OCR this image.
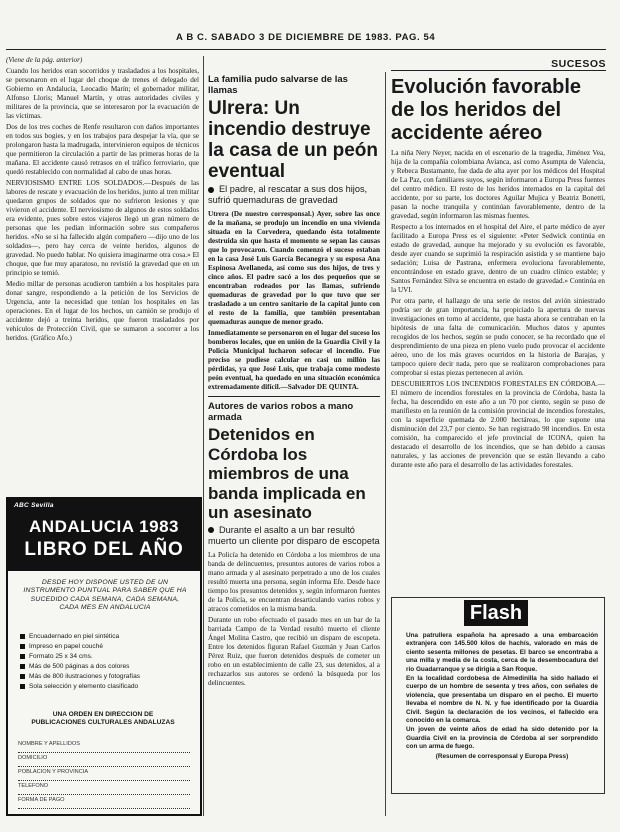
A B C. SABADO 3 DE DICIEMBRE DE 1983. PAG. 54
SUCESOS

(Viene de la pág. anterior)

Cuando los heridos eran socorridos y trasladados a los hospitales, se personaron en el lugar del choque de trenes el delegado del Gobierno en Andalucía, Leocadio Marín; el gobernador militar, Alfonso Lloris; Manuel Martín, y otras autoridades civiles y militares de la provincia, que se interesaron por la evacuación de las víctimas.

Dos de los tres coches de Renfe resultaron con daños importantes en todos sus bogies, y en los trabajos para despejar la vía, que se prolongaron hasta la madrugada, intervinieron equipos de técnicos que permitieron la circulación a partir de las primeras horas de la mañana. El accidente causó retrasos en el tráfico ferroviario, que quedó restablecido con normalidad al cabo de unas horas.

NERVIOSISMO ENTRE LOS SOLDADOS.—Después de las labores de rescate y evacuación de los heridos, junto al tren militar quedaron grupos de soldados que no sufrieron lesiones y que vivieron el accidente. El nerviosismo de algunos de estos soldados era evidente, pues sobre estos viajeros llegó un gran número de personas que les pedían información sobre sus compañeros heridos. «No se si ha fallecido algún compañero —dijo uno de los soldados—, pero hay cerca de veinte heridos, algunos de gravedad. No puedo hablar. No quisiera imaginarme otra cosa.» El choque, que fue muy aparatoso, no revistió la gravedad que en un principio se temió.

Medio millar de personas acudieron también a los hospitales para donar sangre, respondiendo a la petición de los Servicios de Urgencia, ante la necesidad que tenían los hospitales en las operaciones. En el lugar de los hechos, un camión se produjo el accidente dejó a treinta heridos, que fueron trasladados por vehículos de Protección Civil, que se sumaron a socorrer a los heridos. (Gráfico Afo.)

ABC Sevilla
ANDALUCIA 1983
LIBRO DEL AÑO
DESDE HOY DISPONE USTED DE UN INSTRUMENTO PUNTUAL PARA SABER QUE HA SUCEDIDO CADA SEMANA, CADA SEMANA, CADA MES EN ANDALUCIA
Encuadernado en piel sintética
Impreso en papel couché
Formato 25 x 34 cms.
Más de 500 páginas a dos colores
Más de 800 ilustraciones y fotografías
Sola selección y elemento clasificado
UNA ORDEN EN DIRECCION DE PUBLICACIONES CULTURALES ANDALUZAS
NOMBRE Y APELLIDOS
DOMICILIO
POBLACION Y PROVINCIA
TELEFONO
FORMA DE PAGO

La familia pudo salvarse de las llamas

Ulrera: Un incendio destruye la casa de un peón eventual

El padre, al rescatar a sus dos hijos, sufrió quemaduras de gravedad

Utrera (De nuestro corresponsal.) Ayer, sobre las once de la mañana, se produjo un incendio en una vivienda situada en la Corvedera, quedando ésta totalmente destruida sin que hasta el momento se sepan las causas que lo provocaron. Cuando comenzó el suceso estaban en la casa José Luis García Becanegra y su esposa Ana Espinosa Avellaneda, así como sus dos hijos, de tres y cinco años. El padre sacó a los dos pequeños que se encontraban rodeados por las llamas, sufriendo quemaduras de gravedad por lo que tuvo que ser trasladado a un centro sanitario de la capital junto con el resto de la familia, que también presentaban quemaduras aunque de menor grado.

Inmediatamente se personaron en el lugar del suceso los bomberos locales, que en unión de la Guardia Civil y la Policía Municipal lucharon sofocar el incendio. Fue preciso se pudiese calcular en casi un millón las pérdidas, ya que José Luis, que trabaja como modesto peón eventual, ha quedado en una situación económica extremadamente difícil.—Salvador DE QUINTA.

Autores de varios robos a mano armada

Detenidos en Córdoba los miembros de una banda implicada en un asesinato

Durante el asalto a un bar resultó muerto un cliente por disparo de escopeta

La Policía ha detenido en Córdoba a los miembros de una banda de delincuentes, presuntos autores de varios robos a mano armada y al asesinato perpetrado a uno de los cuales resultó muerta una persona, según informa Efe. Desde hace tiempo los presuntos detenidos y, según informaron fuentes de la Policía, se encuentran desarticulando varios robos y atracos cometidos en la misma banda.

Durante un robo efectuado el pasado mes en un bar de la barriada Campo de la Verdad resultó muerto el cliente Ángel Molina Castro, que recibió un disparo de escopeta. Entre los detenidos figuran Rafael Guzmán y Juan Carlos Pérez Ruiz, que fueron detenidos después de cometer un robo en un establecimiento de calle 23, sus detenidos, al a rechazarlos sus autores se ordenó la búsqueda por los delincuentes.

Evolución favorable de los heridos del accidente aéreo

La niña Nery Neyer, nacida en el escenario de la tragedia, Jiménez Vea, hija de la compañía colombiana Avianca, así como Asumpta de Valencia, y Rebeca Bustamante, fue dada de alta ayer por los médicos del Hospital de La Paz, con familiares suyos, según informaron a Europa Press fuentes del centro médico. El resto de los heridos internados en la capital del accidente, por su parte, los doctores Aguilar Mujica y Beatriz Bonetti, pasan la noche tranquila y continúan favorablemente, dentro de la gravedad, según informaron las mismas fuentes.

Respecto a los internados en el hospital del Aire, el parte médico de ayer facilitado a Europa Press es el siguiente: «Peter Sedwick continúa en estado de gravedad, aunque ha mejorado y su evolución es favorable, desde ayer cuando se suprimió la respiración asistida y se mantiene bajo sedación; Luisa de Pastrana, enfermera evoluciona favorablemente, encontrándose en estado grave, dentro de un cuadro clínico estable; y Santos Fernández Silva se encuentra en estado de gravedad.» Continúa en la UVI.

Por otra parte, el hallazgo de una serie de restos del avión siniestrado podría ser de gran importancia, ha propiciado la apertura de nuevas investigaciones en torno al accidente, que hasta ahora se centraban en la hipótesis de una falta de comunicación. Muchos datos y apuntes recogidos de los hechos, según se pudo conocer, se ha recordado que el desprendimiento de una pieza en pleno vuelo pudo provocar el accidente aéreo, uno de los más graves ocurridos en la historia de Barajas, y tampoco quiere decir nada, pero que se realizaron comprobaciones para comprobar si estas piezas pertenecen al avión.

DESCUBIERTOS LOS INCENDIOS FORESTALES EN CÓRDOBA.—El número de incendios forestales en la provincia de Córdoba, hasta la fecha, ha descendido en este año a un 70 por ciento, según se puso de manifiesto en la reunión de la comisión provincial de incendios forestales, con la superficie quemada de 2.000 hectáreas, lo que supone una disminución del 23,7 por ciento. Se han registrado 98 incendios. En esta comisión, ha comparecido el jefe provincial de ICONA, quien ha destacado el desarrollo de los incendios, que se han debido a causas naturales, y las acciones de prevención que se están llevando a cabo durante este año para el desarrollo de las actividades forestales.

Flash

Una patrullera española ha apresado a una embarcación extranjera con 145.500 kilos de hachís, valorado en más de ciento sesenta millones de pesetas. El barco se encontraba a una milla y media de la costa, cerca de la desembocadura del río Guadarranque y se dirigía a San Roque.

En la localidad cordobesa de Almedinilla ha sido hallado el cuerpo de un hombre de sesenta y tres años, con señales de violencia, que presentaba un disparo en el pecho. El muerto llevaba el nombre de N. N. y fue identificado por la Guardia Civil. Según la declaración de los vecinos, el fallecido era conocido en la comarca.

Un joven de veinte años de edad ha sido detenido por la Guardia Civil en la provincia de Córdoba al ser sorprendido con un arma de fuego.

(Resumen de corresponsal y Europa Press)
